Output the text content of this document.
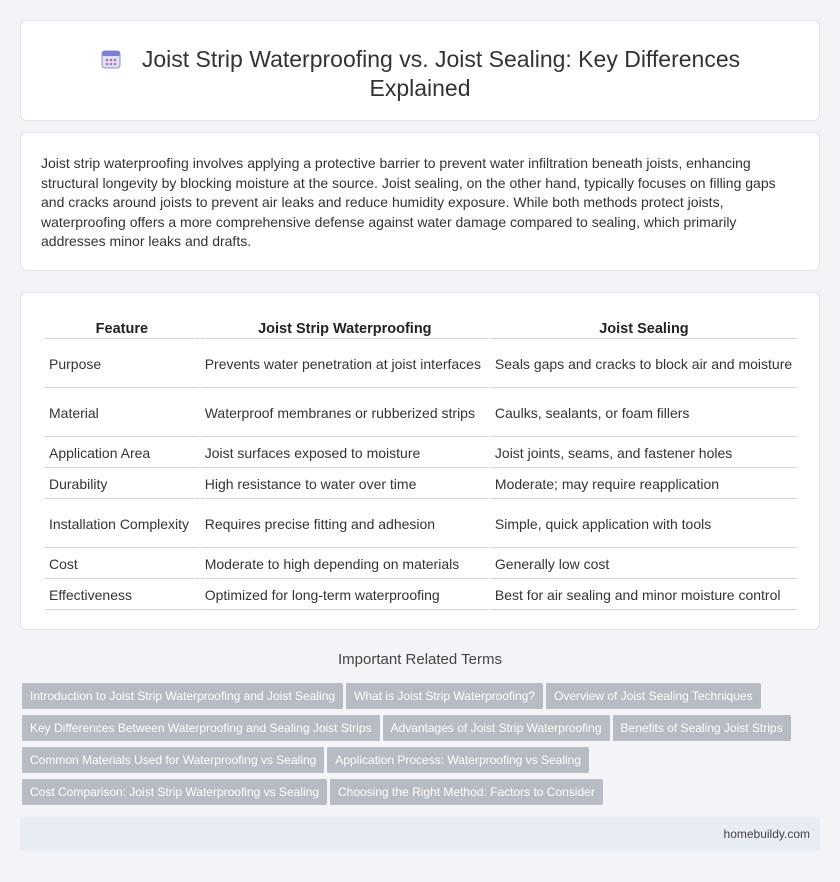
Joist Strip Waterproofing vs. Joist Sealing: Key Differences Explained

Joist strip waterproofing involves applying a protective barrier to prevent water infiltration beneath joists, enhancing structural longevity by blocking moisture at the source. Joist sealing, on the other hand, typically focuses on filling gaps and cracks around joists to prevent air leaks and reduce humidity exposure. While both methods protect joists, waterproofing offers a more comprehensive defense against water damage compared to sealing, which primarily addresses minor leaks and drafts.

Feature	Joist Strip Waterproofing	Joist Sealing
Purpose	Prevents water penetration at joist interfaces	Seals gaps and cracks to block air and moisture
Material	Waterproof membranes or rubberized strips	Caulks, sealants, or foam fillers
Application Area	Joist surfaces exposed to moisture	Joist joints, seams, and fastener holes
Durability	High resistance to water over time	Moderate; may require reapplication
Installation Complexity	Requires precise fitting and adhesion	Simple, quick application with tools
Cost	Moderate to high depending on materials	Generally low cost
Effectiveness	Optimized for long-term waterproofing	Best for air sealing and minor moisture control
Important Related Terms
Introduction to Joist Strip Waterproofing and Joist Sealing What is Joist Strip Waterproofing? Overview of Joist Sealing TechniquesKey Differences Between Waterproofing and Sealing Joist Strips Advantages of Joist Strip Waterproofing Benefits of Sealing Joist StripsCommon Materials Used for Waterproofing vs Sealing Application Process: Waterproofing vs SealingCost Comparison: Joist Strip Waterproofing vs Sealing Choosing the Right Method: Factors to Consider
homebuildy.com
